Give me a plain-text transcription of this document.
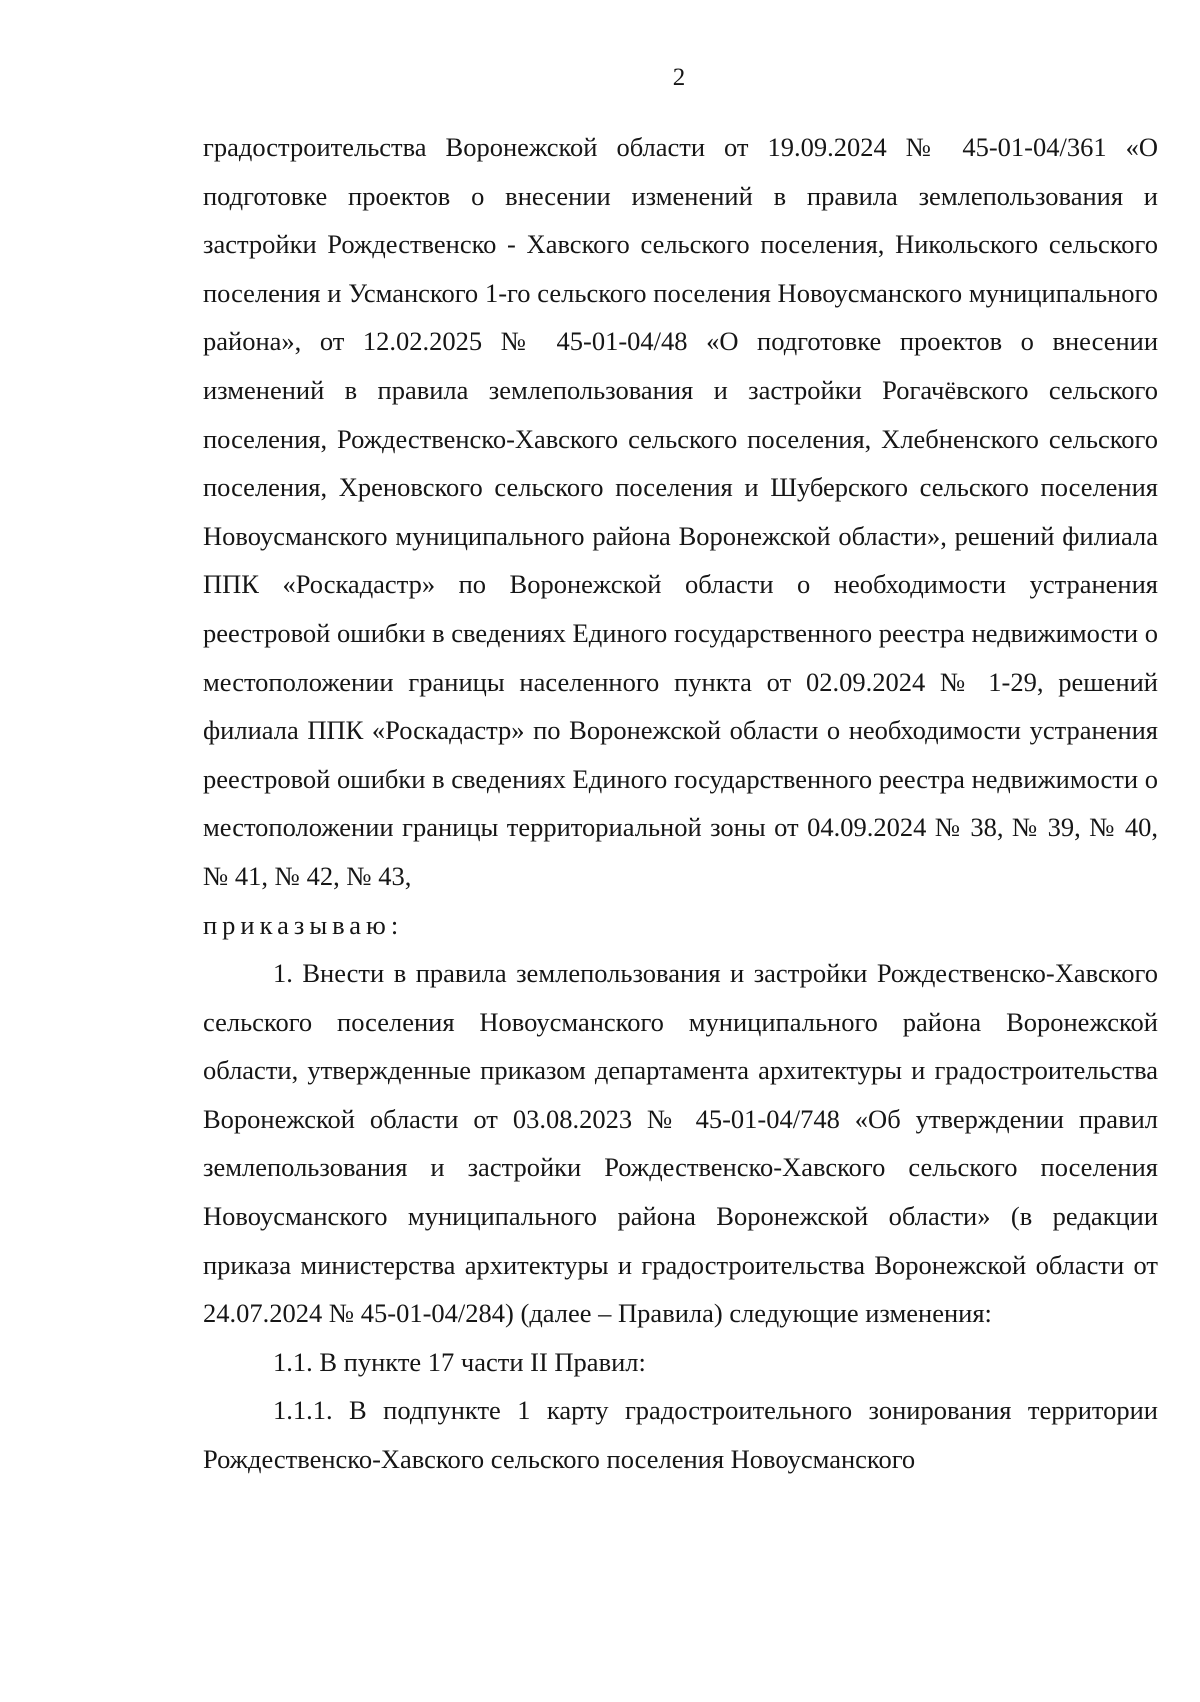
2

градостроительства Воронежской области от 19.09.2024 № 45-01-04/361 «О подготовке проектов о внесении изменений в правила землепользования и застройки Рождественско - Хавского сельского поселения, Никольского сельского поселения и Усманского 1-го сельского поселения Новоусманского муниципального района», от 12.02.2025 № 45-01-04/48 «О подготовке проектов о внесении изменений в правила землепользования и застройки Рогачёвского сельского поселения, Рождественско-Хавского сельского поселения, Хлебненского сельского поселения, Хреновского сельского поселения и Шуберского сельского поселения Новоусманского муниципального района Воронежской области», решений филиала ППК «Роскадастр» по Воронежской области о необходимости устранения реестровой ошибки в сведениях Единого государственного реестра недвижимости о местоположении границы населенного пункта от 02.09.2024 № 1-29, решений филиала ППК «Роскадастр» по Воронежской области о необходимости устранения реестровой ошибки в сведениях Единого государственного реестра недвижимости о местоположении границы территориальной зоны от 04.09.2024 № 38, № 39, № 40, № 41, № 42, № 43,

приказываю:

1. Внести в правила землепользования и застройки Рождественско-Хавского сельского поселения Новоусманского муниципального района Воронежской области, утвержденные приказом департамента архитектуры и градостроительства Воронежской области от 03.08.2023 № 45-01-04/748 «Об утверждении правил землепользования и застройки Рождественско-Хавского сельского поселения Новоусманского муниципального района Воронежской области» (в редакции приказа министерства архитектуры и градостроительства Воронежской области от 24.07.2024 № 45-01-04/284) (далее – Правила) следующие изменения:

1.1. В пункте 17 части II Правил:

1.1.1. В подпункте 1 карту градостроительного зонирования территории Рождественско-Хавского сельского поселения Новоусманского
